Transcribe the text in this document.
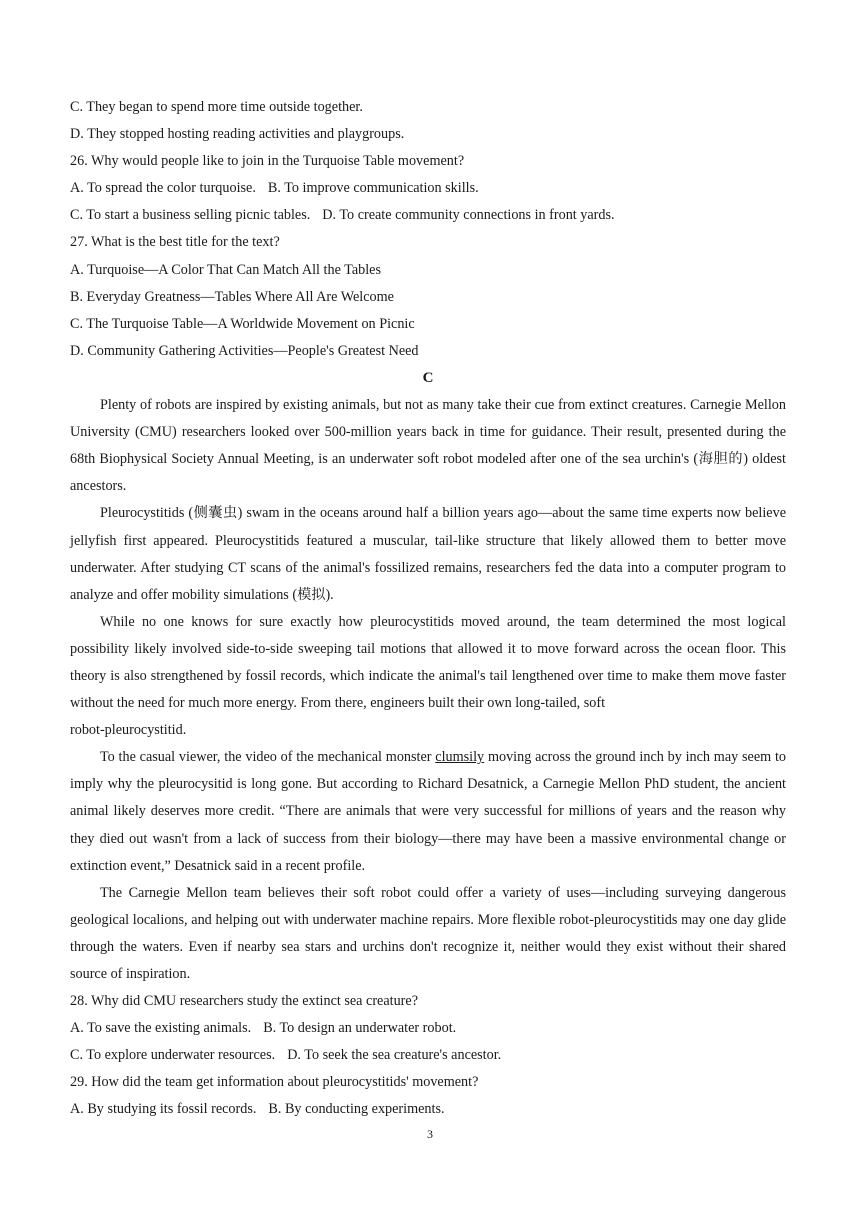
C. They began to spend more time outside together.
D. They stopped hosting reading activities and playgroups.
26. Why would people like to join in the Turquoise Table movement?
A. To spread the color turquoise. B. To improve communication skills.
C. To start a business selling picnic tables. D. To create community connections in front yards.
27. What is the best title for the text?
A. Turquoise—A Color That Can Match All the Tables
B. Everyday Greatness—Tables Where All Are Welcome
C. The Turquoise Table—A Worldwide Movement on Picnic
D. Community Gathering Activities—People's Greatest Need
C
Plenty of robots are inspired by existing animals, but not as many take their cue from extinct creatures. Carnegie Mellon University (CMU) researchers looked over 500-million years back in time for guidance. Their result, presented during the 68th Biophysical Society Annual Meeting, is an underwater soft robot modeled after one of the sea urchin's (海胆的) oldest ancestors.
Pleurocystitids (侧囊虫) swam in the oceans around half a billion years ago—about the same time experts now believe jellyfish first appeared. Pleurocystitids featured a muscular, tail-like structure that likely allowed them to better move underwater. After studying CT scans of the animal's fossilized remains, researchers fed the data into a computer program to analyze and offer mobility simulations (模拟).
While no one knows for sure exactly how pleurocystitids moved around, the team determined the most logical possibility likely involved side-to-side sweeping tail motions that allowed it to move forward across the ocean floor. This theory is also strengthened by fossil records, which indicate the animal's tail lengthened over time to make them move faster without the need for much more energy. From there, engineers built their own long-tailed, soft
robot-pleurocystitid.
To the casual viewer, the video of the mechanical monster clumsily moving across the ground inch by inch may seem to imply why the pleurocysitid is long gone. But according to Richard Desatnick, a Carnegie Mellon PhD student, the ancient animal likely deserves more credit. “There are animals that were very successful for millions of years and the reason why they died out wasn't from a lack of success from their biology—there may have been a massive environmental change or extinction event,” Desatnick said in a recent profile.
The Carnegie Mellon team believes their soft robot could offer a variety of uses—including surveying dangerous geological localions, and helping out with underwater machine repairs. More flexible robot-pleurocystitids may one day glide through the waters. Even if nearby sea stars and urchins don't recognize it, neither would they exist without their shared source of inspiration.
28. Why did CMU researchers study the extinct sea creature?
A. To save the existing animals. B. To design an underwater robot.
C. To explore underwater resources. D. To seek the sea creature's ancestor.
29. How did the team get information about pleurocystitids' movement?
A. By studying its fossil records. B. By conducting experiments.
3
